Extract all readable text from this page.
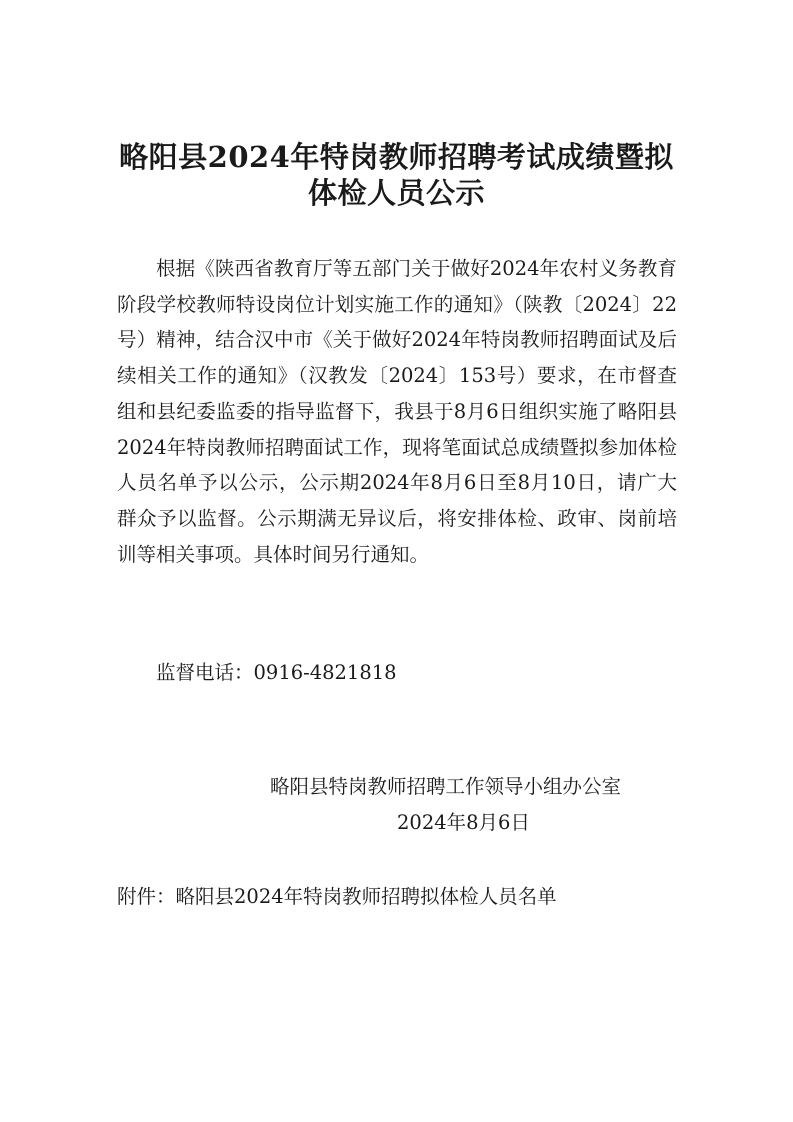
略阳县2024年特岗教师招聘考试成绩暨拟
体检人员公示

根据《陕西省教育厅等五部门关于做好2024年农村义务教育阶段学校教师特设岗位计划实施工作的通知》（陕教〔2024〕22号）精神，结合汉中市《关于做好2024年特岗教师招聘面试及后续相关工作的通知》（汉教发〔2024〕153号）要求，在市督查组和县纪委监委的指导监督下，我县于8月6日组织实施了略阳县2024年特岗教师招聘面试工作，现将笔面试总成绩暨拟参加体检人员名单予以公示，公示期2024年8月6日至8月10日，请广大群众予以监督。公示期满无异议后，将安排体检、政审、岗前培训等相关事项。具体时间另行通知。

监督电话：0916-4821818

略阳县特岗教师招聘工作领导小组办公室

2024年8月6日

附件：略阳县2024年特岗教师招聘拟体检人员名单
